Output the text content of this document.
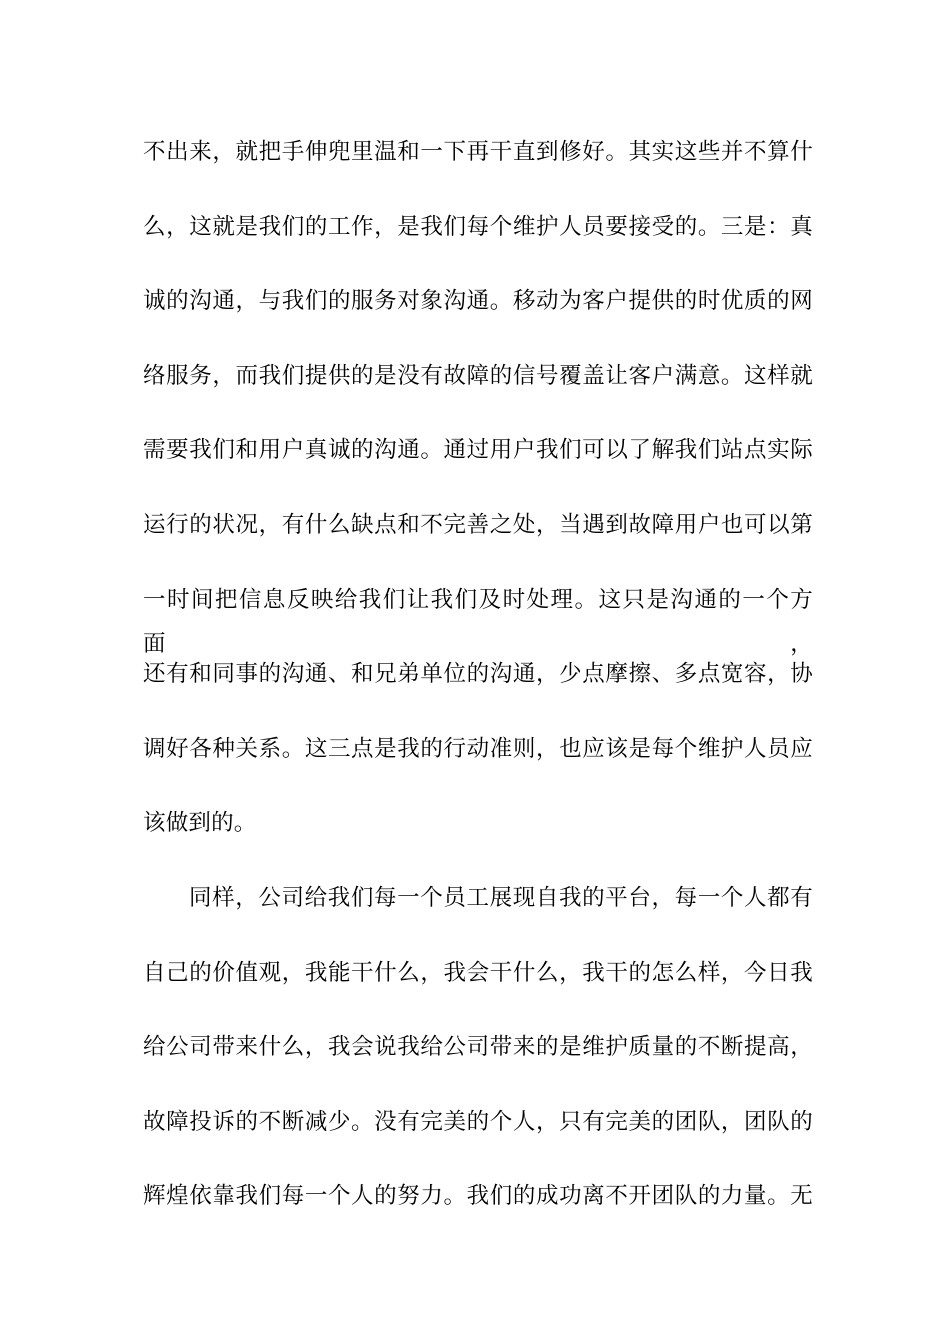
不出来，就把手伸兜里温和一下再干直到修好。其实这些并不算什
么，这就是我们的工作，是我们每个维护人员要接受的。三是：真
诚的沟通，与我们的服务对象沟通。移动为客户提供的时优质的网
络服务，而我们提供的是没有故障的信号覆盖让客户满意。这样就
需要我们和用户真诚的沟通。通过用户我们可以了解我们站点实际
运行的状况，有什么缺点和不完善之处，当遇到故障用户也可以第
一时间把信息反映给我们让我们及时处理。这只是沟通的一个方面，
还有和同事的沟通、和兄弟单位的沟通，少点摩擦、多点宽容，协
调好各种关系。这三点是我的行动准则，也应该是每个维护人员应
该做到的。
同样，公司给我们每一个员工展现自我的平台，每一个人都有
自己的价值观，我能干什么，我会干什么，我干的怎么样，今日我
给公司带来什么，我会说我给公司带来的是维护质量的不断提高，
故障投诉的不断减少。没有完美的个人，只有完美的团队，团队的
辉煌依靠我们每一个人的努力。我们的成功离不开团队的力量。无
